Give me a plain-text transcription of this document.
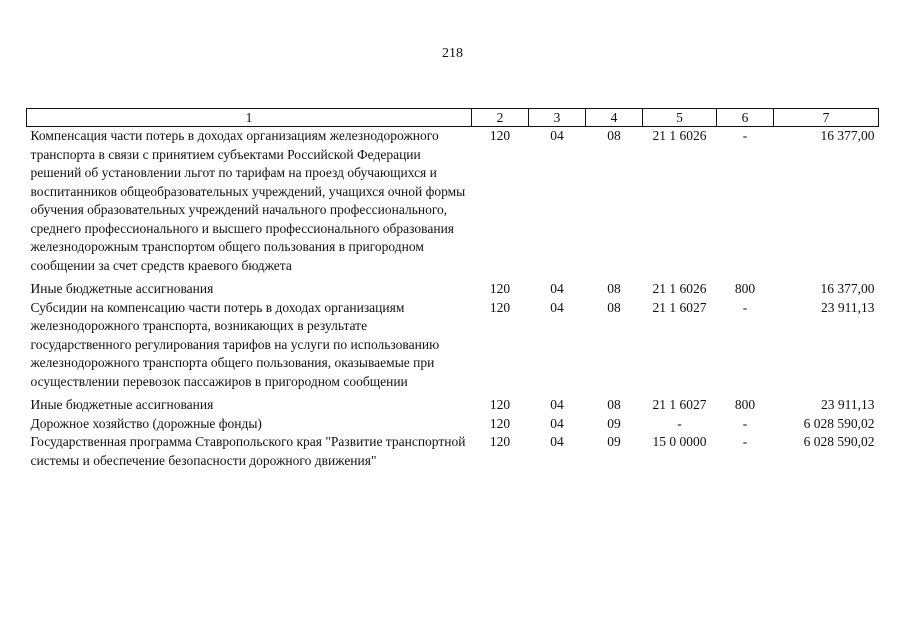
218
1	2	3	4	5	6	7
Компенсация части потерь в доходах организациям железнодорожного транспорта в связи с принятием субъектами Российской Федерации решений об установлении льгот по тарифам на проезд обучающихся и воспитанников общеобразовательных учреждений, учащихся очной формы обучения образовательных учреждений начального профессионального, среднего профессионального и высшего профессионального образования железнодорожным транспортом общего пользования в пригородном сообщении за счет средств краевого бюджета	120	04	08	21 1 6026	-	16 377,00
Иные бюджетные ассигнования	120	04	08	21 1 6026	800	16 377,00
Субсидии на компенсацию части потерь в доходах организациям железнодорожного транспорта, возникающих в результате государственного регулирования тарифов на услуги по использованию железнодорожного транспорта общего пользования, оказываемые при осуществлении перевозок пассажиров в пригородном сообщении	120	04	08	21 1 6027	-	23 911,13
Иные бюджетные ассигнования	120	04	08	21 1 6027	800	23 911,13
Дорожное хозяйство (дорожные фонды)	120	04	09	-	-	6 028 590,02
Государственная программа Ставропольского края "Развитие транспортной системы и обеспечение безопасности дорожного движения"	120	04	09	15 0 0000	-	6 028 590,02
